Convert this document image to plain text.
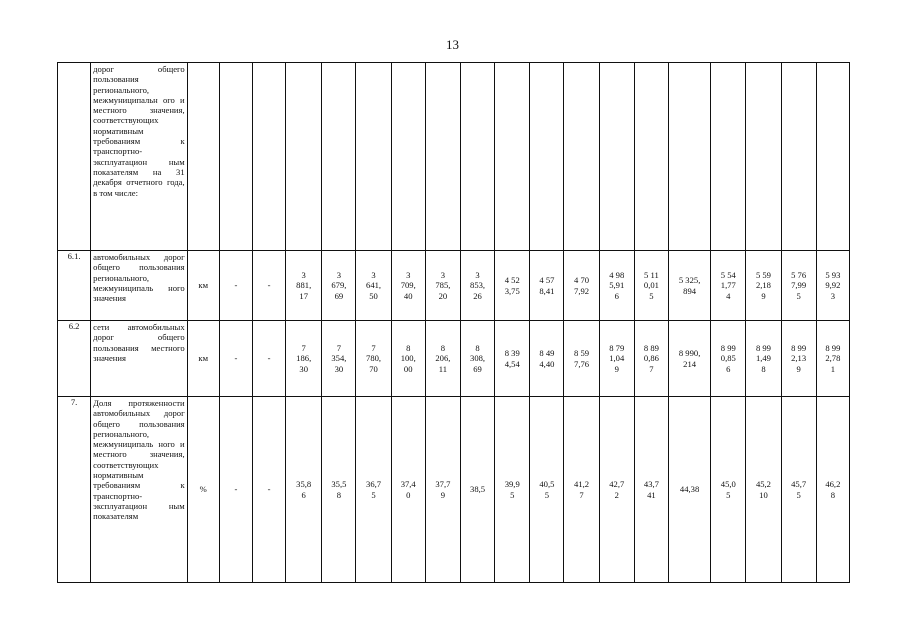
13
	дорог общего пользования регионального, межмуниципальн ого и местного значения, соответствующих нормативным требованиям к транспортно-эксплуатацион ным показателям на 31 декабря отчетного года, в том числе:																			
6.1.	автомобильных дорог общего пользования регионального, межмуниципаль ного значения	км	-	-	3
881,
17	3
679,
69	3
641,
50	3
709,
40	3
785,
20	3
853,
26	4 52
3,75	4 57
8,41	4 70
7,92	4 98
5,91
6	5 11
0,01
5	5 325,
894	5 54
1,77
4	5 59
2,18
9	5 76
7,99
5	5 93
9,92
3
6.2	сети автомобильных дорог общего пользования местного значения	км	-	-	7
186,
30	7
354,
30	7
780,
70	8
100,
00	8
206,
11	8
308,
69	8 39
4,54	8 49
4,40	8 59
7,76	8 79
1,04
9	8 89
0,86
7	8 990,
214	8 99
0,85
6	8 99
1,49
8	8 99
2,13
9	8 99
2,78
1
7.	Доля протяженности автомобильных дорог общего пользования регионального, межмуниципаль ного и местного значения, соответствующих нормативным требованиям к транспортно-эксплуатацион ным показателям	%	-	-	35,8
6	35,5
8	36,7
5	37,4
0	37,7
9	38,5	39,9
5	40,5
5	41,2
7	42,7
2	43,7
41	44,38	45,0
5	45,2
10	45,7
5	46,2
8
